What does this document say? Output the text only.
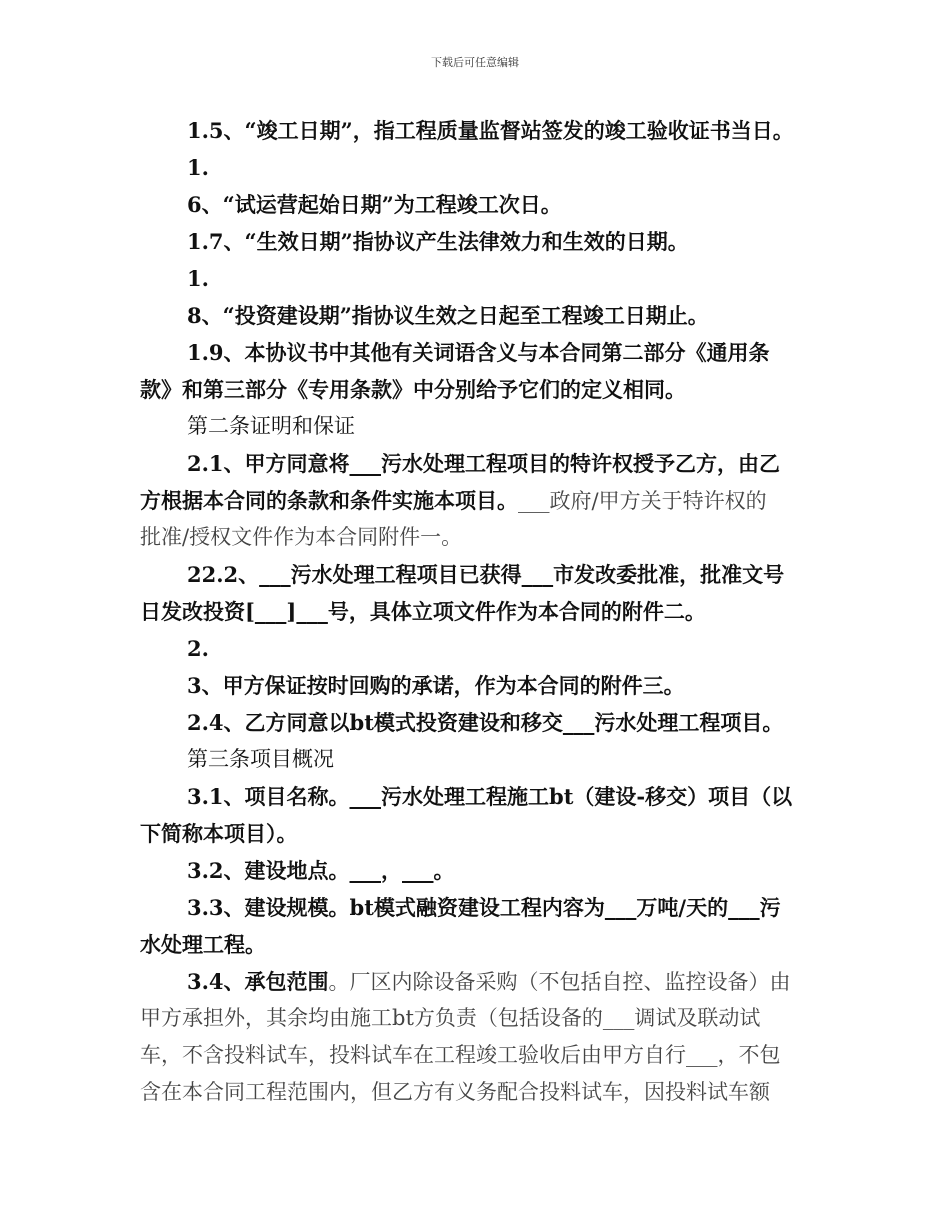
下载后可任意编辑
1.5、“竣工日期”，指工程质量监督站签发的竣工验收证书当日。
1.
6、“试运营起始日期”为工程竣工次日。
1.7、“生效日期”指协议产生法律效力和生效的日期。
1.
8、“投资建设期”指协议生效之日起至工程竣工日期止。
1.9、本协议书中其他有关词语含义与本合同第二部分《通用条
款》和第三部分《专用条款》中分别给予它们的定义相同。
第二条证明和保证
2.1、甲方同意将___污水处理工程项目的特许权授予乙方，由乙
方根据本合同的条款和条件实施本项目。___政府/甲方关于特许权的
批准/授权文件作为本合同附件一。
22.2、___污水处理工程项目已获得___市发改委批准，批准文号
日发改投资[___]___号，具体立项文件作为本合同的附件二。
2.
3、甲方保证按时回购的承诺，作为本合同的附件三。
2.4、乙方同意以bt模式投资建设和移交___污水处理工程项目。
第三条项目概况
3.1、项目名称。___污水处理工程施工bt（建设-移交）项目（以
下简称本项目）。
3.2、建设地点。___，___。
3.3、建设规模。bt模式融资建设工程内容为___万吨/天的___污
水处理工程。
3.4、承包范围。厂区内除设备采购（不包括自控、监控设备）由
甲方承担外，其余均由施工bt方负责（包括设备的___调试及联动试
车，不含投料试车，投料试车在工程竣工验收后由甲方自行___，不包
含在本合同工程范围内，但乙方有义务配合投料试车，因投料试车额
